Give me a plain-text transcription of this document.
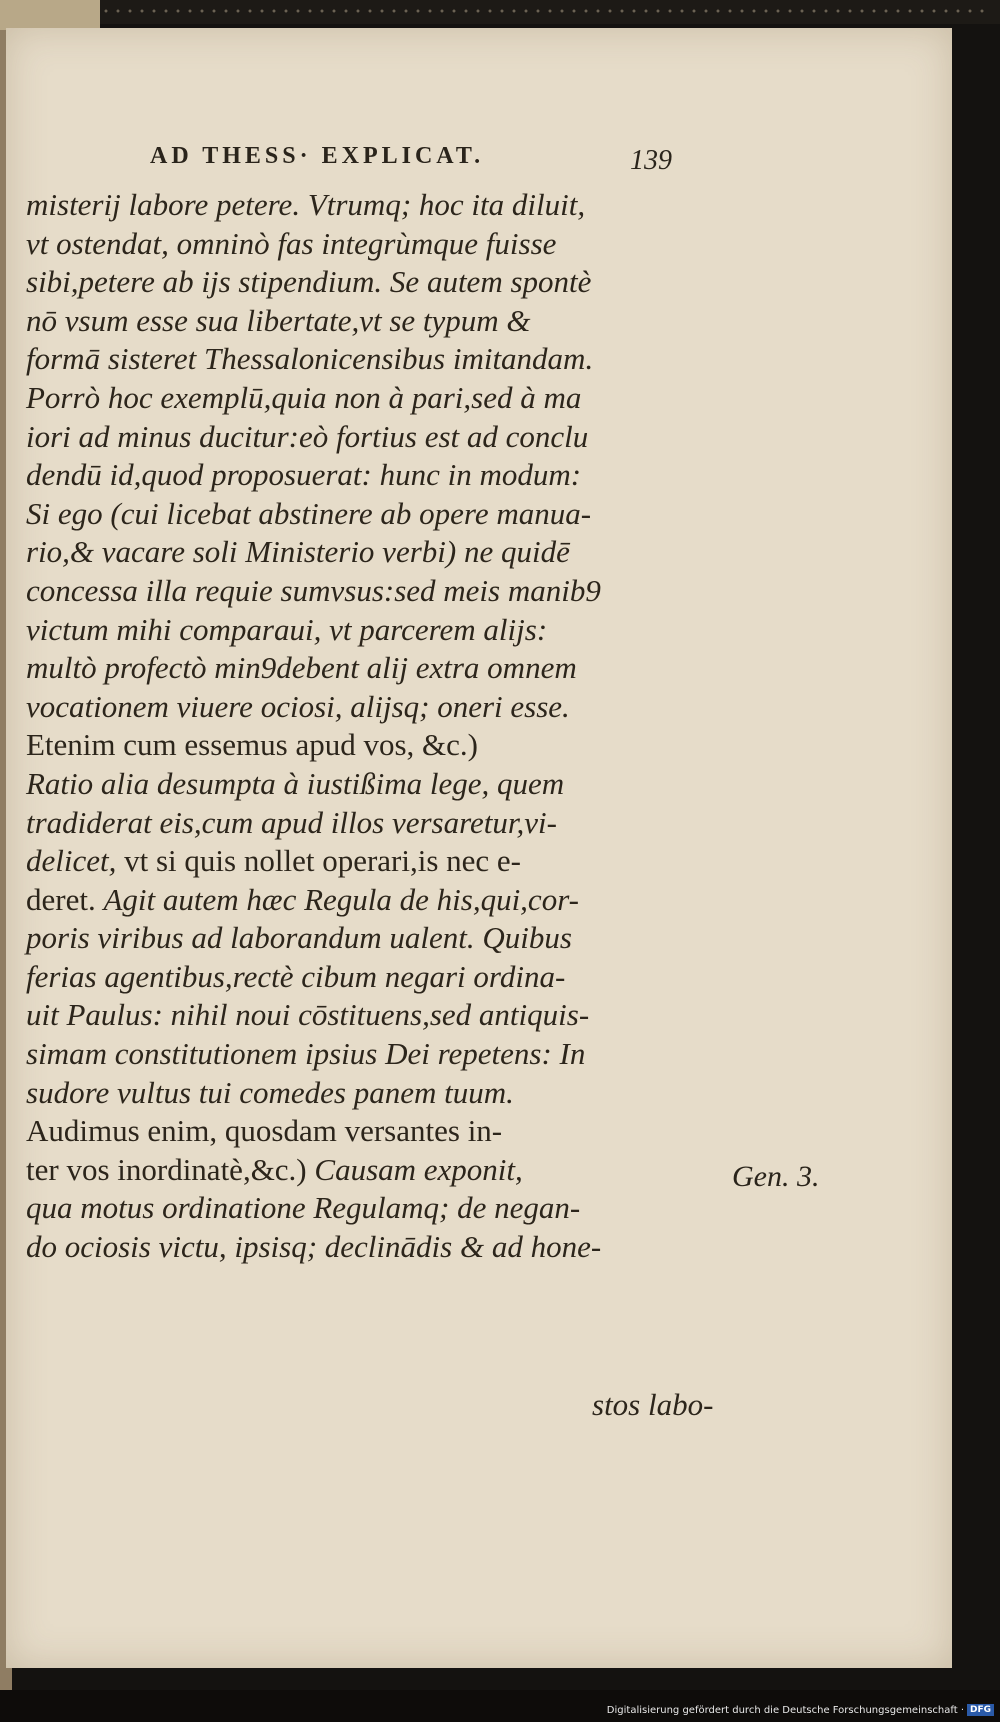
AD THESS· EXPLICAT.	139
misterij labore petere. Vtrumq; hoc ita diluit,
vt ostendat, omninò fas integrùmque fuisse
sibi,petere ab ijs stipendium. Se autem spontè
nō vsum esse sua libertate,vt se typum &
formā sisteret Thessalonicensibus imitandam.
Porrò hoc exemplū,quia non à pari,sed à ma
iori ad minus ducitur:eò fortius est ad conclu
dendū id,quod proposuerat: hunc in modum:
Si ego (cui licebat abstinere ab opere manua-
rio,& vacare soli Ministerio verbi) ne quidē
concessa illa requie sumvsus:sed meis manib9
victum mihi comparaui, vt parcerem alijs:
multò profectò min9debent alij extra omnem
vocationem viuere ociosi, alijsq; oneri esse.
Etenim cum essemus apud vos, &c.)
Ratio alia desumpta à iustißima lege, quem
tradiderat eis,cum apud illos versaretur,vi-
delicet, vt si quis nollet operari,is nec e-
deret. Agit autem hæc Regula de his,qui,cor-
poris viribus ad laborandum ualent. Quibus
ferias agentibus,rectè cibum negari ordina-
uit Paulus: nihil noui cōstituens,sed antiquis-
simam constitutionem ipsius Dei repetens: In
sudore vultus tui comedes panem tuum.
Audimus enim, quosdam versantes in-
ter vos inordinatè,&c.) Causam exponit,
qua motus ordinatione Regulamq; de negan-
do ociosis victu, ipsisq; declinādis & ad hone-
Gen. 3.
stos labo-
Digitalisierung gefördert durch die Deutsche Forschungsgemeinschaft · DFG
